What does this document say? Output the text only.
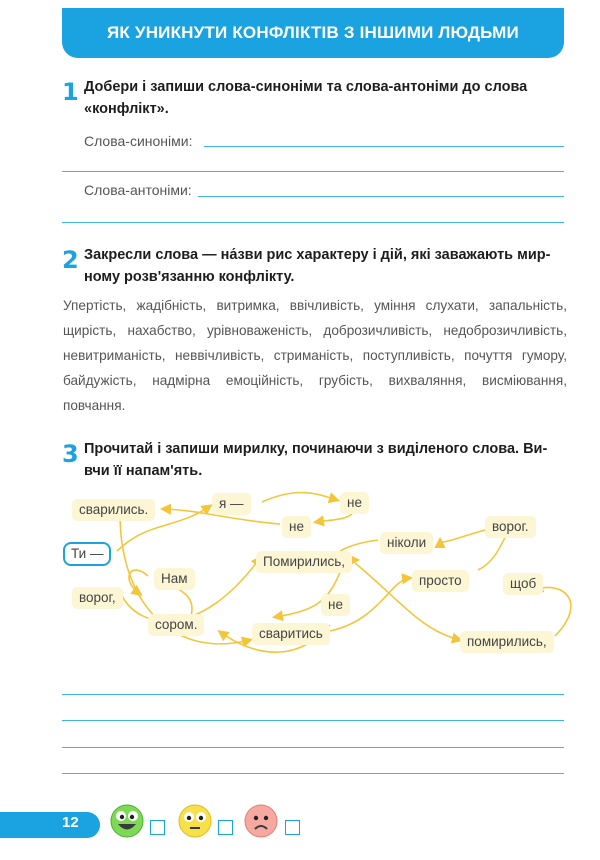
ЯК УНИКНУТИ КОНФЛІКТІВ З ІНШИМИ ЛЮДЬМИ
1 Добери і запиши слова-синоніми та слова-антоніми до слова
«конфлікт».
Слова-синоніми:
Слова-антоніми:
2 Закресли слова — на́зви рис характеру і дій, які заважають мир-
ному розв'язанню конфлікту.
Упертість, жадібність, витримка, ввічливість, уміння слухати, запальність, щирість, нахабство, урівноваженість, доброзичливість, недоброзичливість, невитриманість, неввічливість, стриманість, поступливість, почуття гумору, байдужість, надмірна емоційність, грубість, вихваляння, висміювання, повчання.
3 Прочитай і запиши мирилку, починаючи з виділеного слова. Ви-
вчи її напам'ять.
сварились.	я —	не
не
ніколи
ворог.
Ти —
Помирились,
Нам	просто	щоб
ворог,	не
сором.
сваритись
помирились,
12
